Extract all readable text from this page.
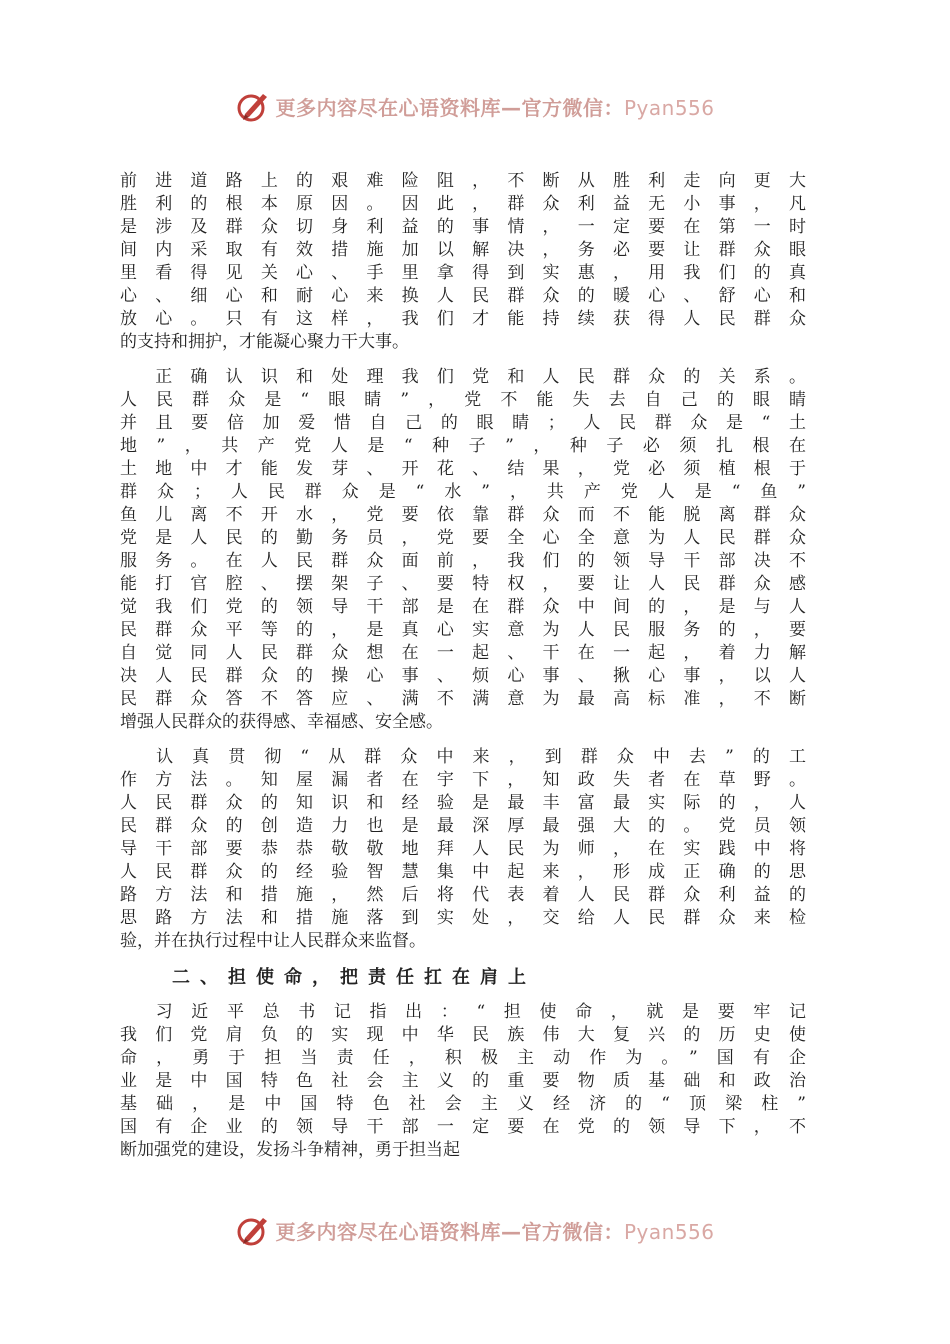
更多内容尽在心语资料库—官方微信：Pyan556
前进道路上的艰难险阻，不断从胜利走向更大
胜利的根本原因。因此，群众利益无小事，凡
是涉及群众切身利益的事情，一定要在第一时
间内采取有效措施加以解决，务必要让群众眼
里看得见关心、手里拿得到实惠，用我们的真
心、细心和耐心来换人民群众的暖心、舒心和
放心。只有这样，我们才能持续获得人民群众
的支持和拥护，才能凝心聚力干大事。
　正确认识和处理我们党和人民群众的关系。
人民群众是“眼睛”，党不能失去自己的眼睛
并且要倍加爱惜自己的眼睛；人民群众是“土
地”，共产党人是“种子”，种子必须扎根在
土地中才能发芽、开花、结果，党必须植根于
群众；人民群众是“水”，共产党人是“鱼”
鱼儿离不开水，党要依靠群众而不能脱离群众
党是人民的勤务员，党要全心全意为人民群众
服务。在人民群众面前，我们的领导干部决不
能打官腔、摆架子、要特权，要让人民群众感
觉我们党的领导干部是在群众中间的，是与人
民群众平等的，是真心实意为人民服务的，要
自觉同人民群众想在一起、干在一起，着力解
决人民群众的操心事、烦心事、揪心事，以人
民群众答不答应、满不满意为最高标准，不断
增强人民群众的获得感、幸福感、安全感。
　认真贯彻“从群众中来，到群众中去”的工
作方法。知屋漏者在宇下，知政失者在草野。
人民群众的知识和经验是最丰富最实际的，人
民群众的创造力也是最深厚最强大的。党员领
导干部要恭恭敬敬地拜人民为师，在实践中将
人民群众的经验智慧集中起来，形成正确的思
路方法和措施，然后将代表着人民群众利益的
思路方法和措施落到实处，交给人民群众来检
验，并在执行过程中让人民群众来监督。
二、担使命，把责任扛在肩上
　习近平总书记指出：“担使命，就是要牢记
我们党肩负的实现中华民族伟大复兴的历史使
命，勇于担当责任，积极主动作为。”国有企
业是中国特色社会主义的重要物质基础和政治
基础，是中国特色社会主义经济的“顶梁柱”
国有企业的领导干部一定要在党的领导下，不
断加强党的建设，发扬斗争精神，勇于担当起
更多内容尽在心语资料库—官方微信：Pyan556
